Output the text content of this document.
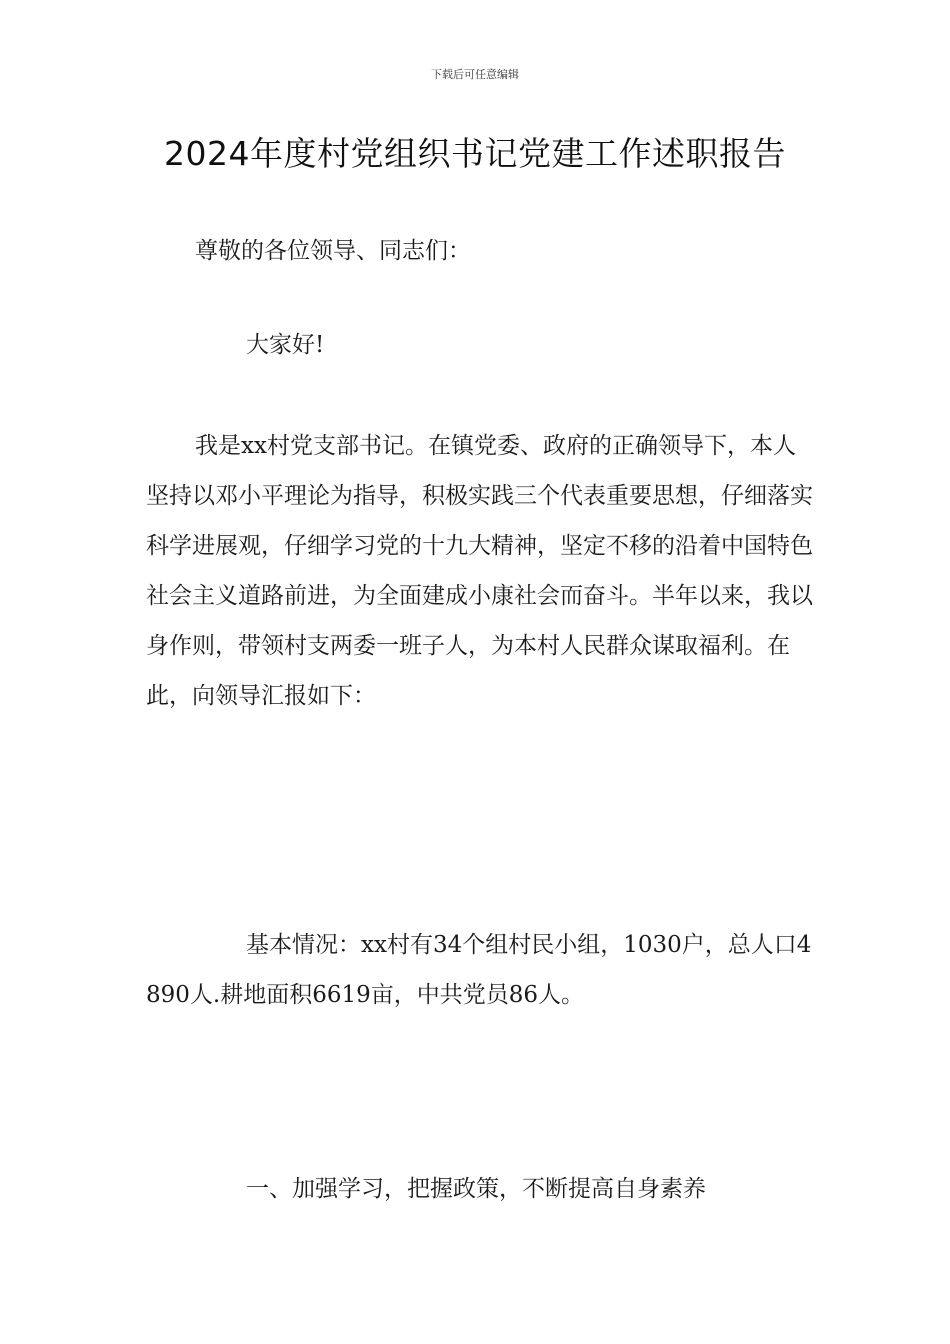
下载后可任意编辑
2024年度村党组织书记党建工作述职报告
尊敬的各位领导、同志们：
大家好!
我是xx村党支部书记。在镇党委、政府的正确领导下，本人坚持以邓小平理论为指导，积极实践三个代表重要思想，仔细落实科学进展观，仔细学习党的十九大精神，坚定不移的沿着中国特色社会主义道路前进，为全面建成小康社会而奋斗。半年以来，我以身作则，带领村支两委一班子人，为本村人民群众谋取福利。在此，向领导汇报如下：
基本情况：xx村有34个组村民小组，1030户，总人口4890人.耕地面积6619亩，中共党员86人。
一、加强学习，把握政策，不断提高自身素养
